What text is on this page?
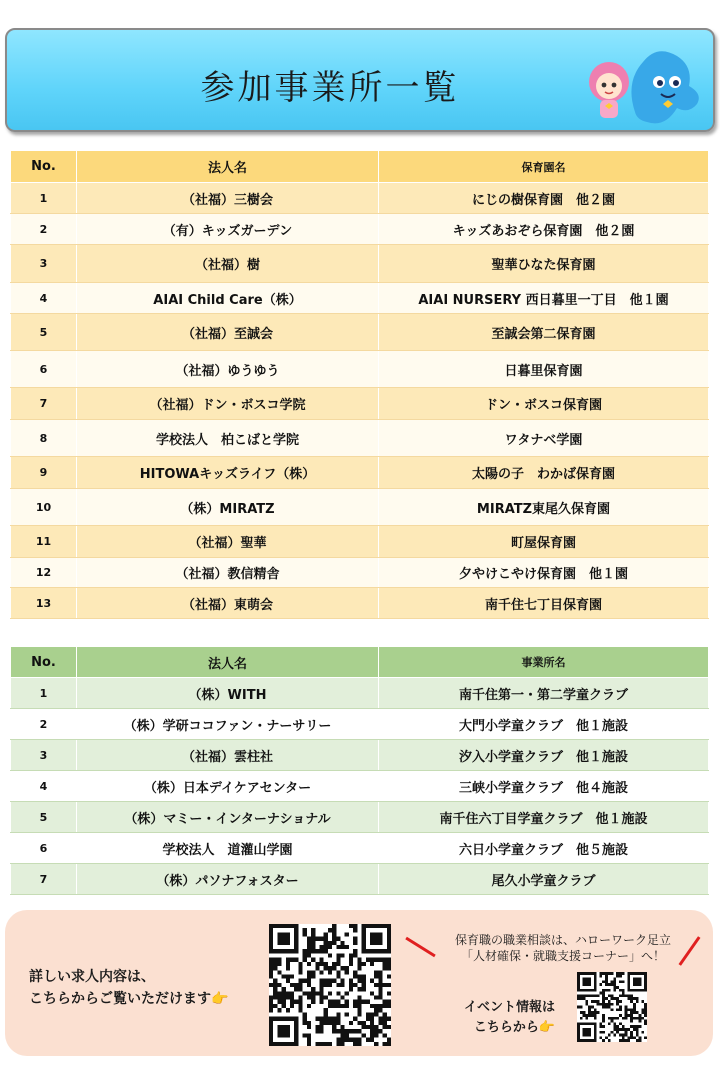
参加事業所一覧
No.	法人名	保育園名
1	（社福）三樹会	にじの樹保育園　他２園
2	（有）キッズガーデン	キッズあおぞら保育園　他２園
3	（社福）樹	聖華ひなた保育園
4	AIAI Child Care（株）	AIAI NURSERY 西日暮里一丁目　他１園
5	（社福）至誠会	至誠会第二保育園
6	（社福）ゆうゆう	日暮里保育園
7	（社福）ドン・ボスコ学院	ドン・ボスコ保育園
8	学校法人　柏こばと学院	ワタナベ学園
9	HITOWAキッズライフ（株）	太陽の子　わかば保育園
10	（株）MIRATZ	MIRATZ東尾久保育園
11	（社福）聖華	町屋保育園
12	（社福）教信精舎	夕やけこやけ保育園　他１園
13	（社福）東萌会	南千住七丁目保育園
No.	法人名	事業所名
1	（株）WITH	南千住第一・第二学童クラブ
2	（株）学研ココファン・ナーサリー	大門小学童クラブ　他１施設
3	（社福）雲柱社	汐入小学童クラブ　他１施設
4	（株）日本デイケアセンター	三峡小学童クラブ　他４施設
5	（株）マミー・インターナショナル	南千住六丁目学童クラブ　他１施設
6	学校法人　道灌山学園	六日小学童クラブ　他５施設
7	（株）パソナフォスター	尾久小学童クラブ
詳しい求人内容は、
こちらからご覧いただけます👉
保育職の職業相談は、ハローワーク足立
「人材確保・就職支援コーナー」へ！
イベント情報は
こちらから👉
